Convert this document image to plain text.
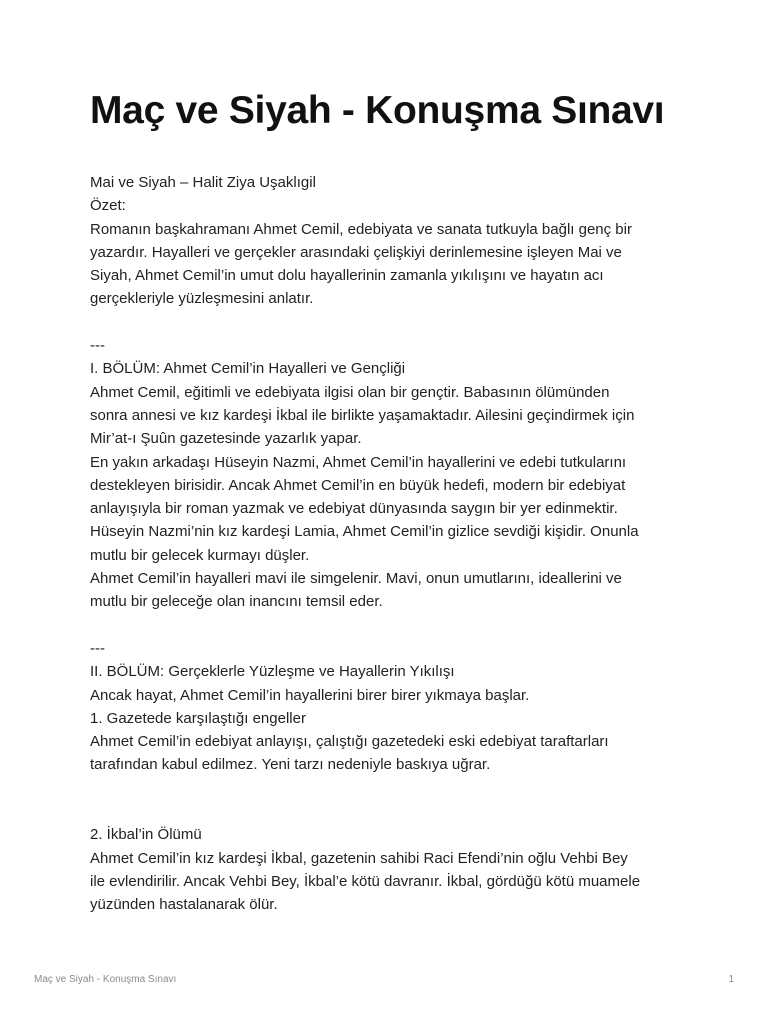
Maç ve Siyah - Konuşma Sınavı
Mai ve Siyah – Halit Ziya Uşaklıgil
Özet:
Romanın başkahramanı Ahmet Cemil, edebiyata ve sanata tutkuyla bağlı genç bir
yazardır. Hayalleri ve gerçekler arasındaki çelişkiyi derinlemesine işleyen Mai ve
Siyah, Ahmet Cemil’in umut dolu hayallerinin zamanla yıkılışını ve hayatın acı
gerçekleriyle yüzleşmesini anlatır.
---
I. BÖLÜM: Ahmet Cemil’in Hayalleri ve Gençliği
Ahmet Cemil, eğitimli ve edebiyata ilgisi olan bir gençtir. Babasının ölümünden
sonra annesi ve kız kardeşi İkbal ile birlikte yaşamaktadır. Ailesini geçindirmek için
Mir’at-ı Şuûn gazetesinde yazarlık yapar.
En yakın arkadaşı Hüseyin Nazmi, Ahmet Cemil’in hayallerini ve edebi tutkularını
destekleyen birisidir. Ancak Ahmet Cemil’in en büyük hedefi, modern bir edebiyat
anlayışıyla bir roman yazmak ve edebiyat dünyasında saygın bir yer edinmektir.
Hüseyin Nazmi’nin kız kardeşi Lamia, Ahmet Cemil’in gizlice sevdiği kişidir. Onunla
mutlu bir gelecek kurmayı düşler.
Ahmet Cemil’in hayalleri mavi ile simgelenir. Mavi, onun umutlarını, ideallerini ve
mutlu bir geleceğe olan inancını temsil eder.
---
II. BÖLÜM: Gerçeklerle Yüzleşme ve Hayallerin Yıkılışı
Ancak hayat, Ahmet Cemil’in hayallerini birer birer yıkmaya başlar.
1. Gazetede karşılaştığı engeller
Ahmet Cemil’in edebiyat anlayışı, çalıştığı gazetedeki eski edebiyat taraftarları
tarafından kabul edilmez. Yeni tarzı nedeniyle baskıya uğrar.
2. İkbal’in Ölümü
Ahmet Cemil’in kız kardeşi İkbal, gazetenin sahibi Raci Efendi’nin oğlu Vehbi Bey
ile evlendirilir. Ancak Vehbi Bey, İkbal’e kötü davranır. İkbal, gördüğü kötü muamele
yüzünden hastalanarak ölür.
Maç ve Siyah - Konuşma Sınavı	1
